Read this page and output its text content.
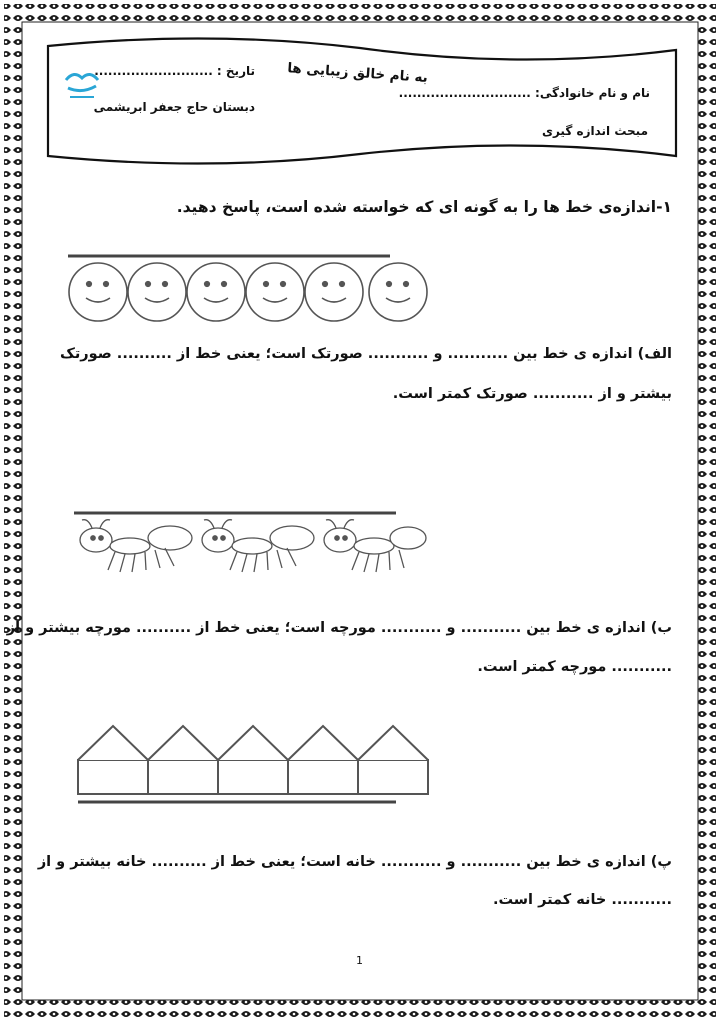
به نام خالق زیبایی ها
تاریخ : ..........................
نام و نام خانوادگی: .............................
دبستان حاج جعفر ابریشمی
مبحث اندازه گیری
۱-اندازه‌ی خط ها را به گونه ای که خواسته شده است، پاسخ دهید.
الف) اندازه ی خط بین ........... و ........... صورتک است؛ یعنی خط از .......... صورتک
بیشتر و از ........... صورتک کمتر است.
ب) اندازه ی خط بین ........... و ........... مورچه است؛ یعنی خط از .......... مورچه بیشتر و از
........... مورچه کمتر است.
پ) اندازه ی خط بین ........... و ........... خانه است؛ یعنی خط از .......... خانه بیشتر و از
........... خانه کمتر است.
1
